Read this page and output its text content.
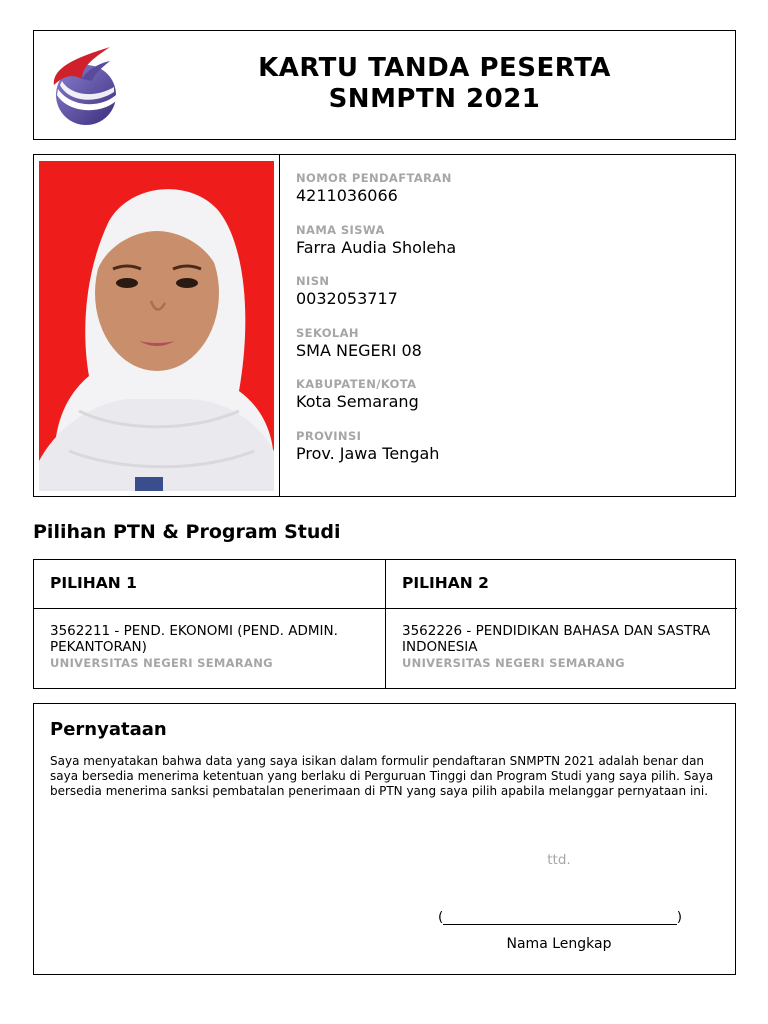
KARTU TANDA PESERTA
SNMPTN 2021
NOMOR PENDAFTARAN
4211036066
NAMA SISWA
Farra Audia Sholeha
NISN
0032053717
SEKOLAH
SMA NEGERI 08
KABUPATEN/KOTA
Kota Semarang
PROVINSI
Prov. Jawa Tengah
Pilihan PTN & Program Studi
PILIHAN 1
3562211 - PEND. EKONOMI (PEND. ADMIN. PEKANTORAN)
UNIVERSITAS NEGERI SEMARANG
PILIHAN 2
3562226 - PENDIDIKAN BAHASA DAN SASTRA INDONESIA
UNIVERSITAS NEGERI SEMARANG
Pernyataan
Saya menyatakan bahwa data yang saya isikan dalam formulir pendaftaran SNMPTN 2021 adalah benar dan saya bersedia menerima ketentuan yang berlaku di Perguruan Tinggi dan Program Studi yang saya pilih. Saya bersedia menerima sanksi pembatalan penerimaan di PTN yang saya pilih apabila melanggar pernyataan ini.
ttd.
(	)
Nama Lengkap
